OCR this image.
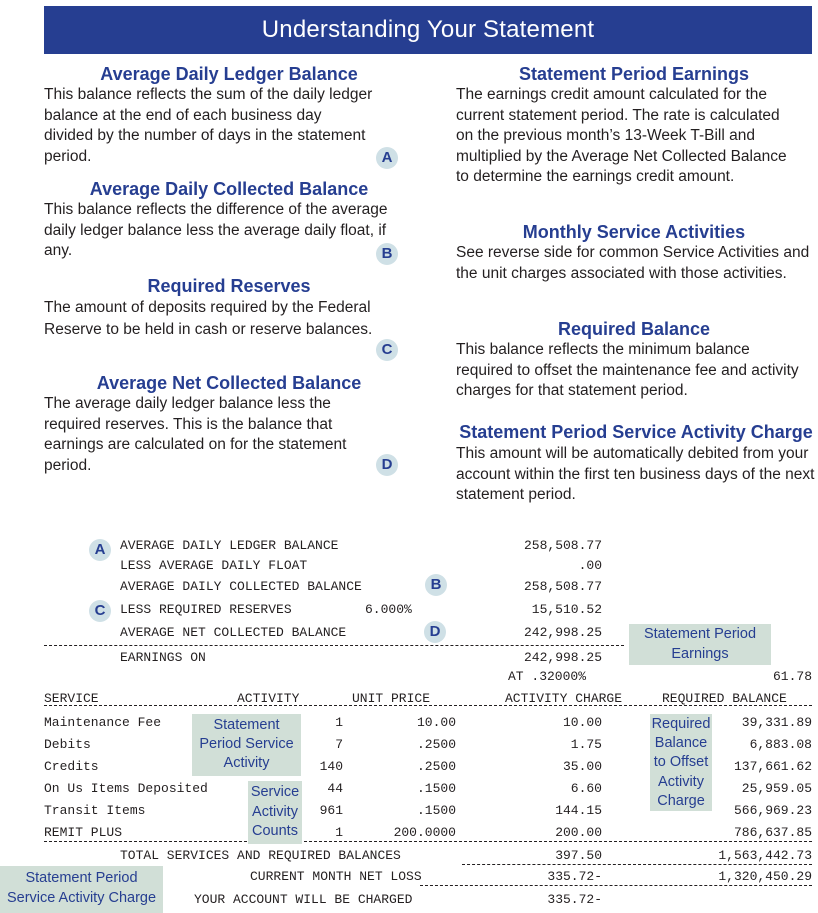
Understanding Your Statement
Average Daily Ledger Balance

This balance reflects the sum of the daily ledger balance at the end of each business day divided by the number of days in the statement period.	A
Average Daily Collected Balance

This balance reflects the difference of the average daily ledger balance less the average daily float, if any.	B
Required Reserves

The amount of deposits required by the Federal Reserve to be held in cash or reserve balances.

C
Average Net Collected Balance

The average daily ledger balance less the required reserves. This is the balance that earnings are calculated on for the statement period.	D
Statement Period Earnings

The earnings credit amount calculated for the current statement period. The rate is calculated on the previous month’s 13-Week T-Bill and multiplied by the Average Net Collected Balance to determine the earnings credit amount.

Monthly Service Activities

See reverse side for common Service Activities and the unit charges associated with those activities.

Required Balance

This balance reflects the minimum balance required to offset the maintenance fee and activity charges for that statement period.

Statement Period Service Activity Charge

This amount will be automatically debited from your account within the first ten business days of the next statement period.

A	AVERAGE DAILY LEDGER BALANCE	258,508.77
LESS AVERAGE DAILY FLOAT	.00
AVERAGE DAILY COLLECTED BALANCE	B	258,508.77
C	LESS REQUIRED RESERVES	6.000%	15,510.52
AVERAGE NET COLLECTED BALANCE	D	242,998.25
EARNINGS ON	242,998.25
AT .32000%	61.78
Statement Period Earnings
SERVICE	ACTIVITY	UNIT PRICE	ACTIVITY CHARGE	REQUIRED BALANCE
Maintenance Fee	1	10.00	10.00	39,331.89
Debits	7	.2500	1.75	6,883.08
Credits	140	.2500	35.00	137,661.62
On Us Items Deposited	44	.1500	6.60	25,959.05
Transit Items	961	.1500	144.15	566,969.23
REMIT PLUS	1	200.0000	200.00	786,637.85
TOTAL SERVICES AND REQUIRED BALANCES	397.50	1,563,442.73
CURRENT MONTH NET LOSS	335.72-	1,320,450.29
YOUR ACCOUNT WILL BE CHARGED	335.72-
Statement Period Service Activity
Service Activity Counts
Required Balance to Offset Activity Charge
Statement Period Service Activity Charge
